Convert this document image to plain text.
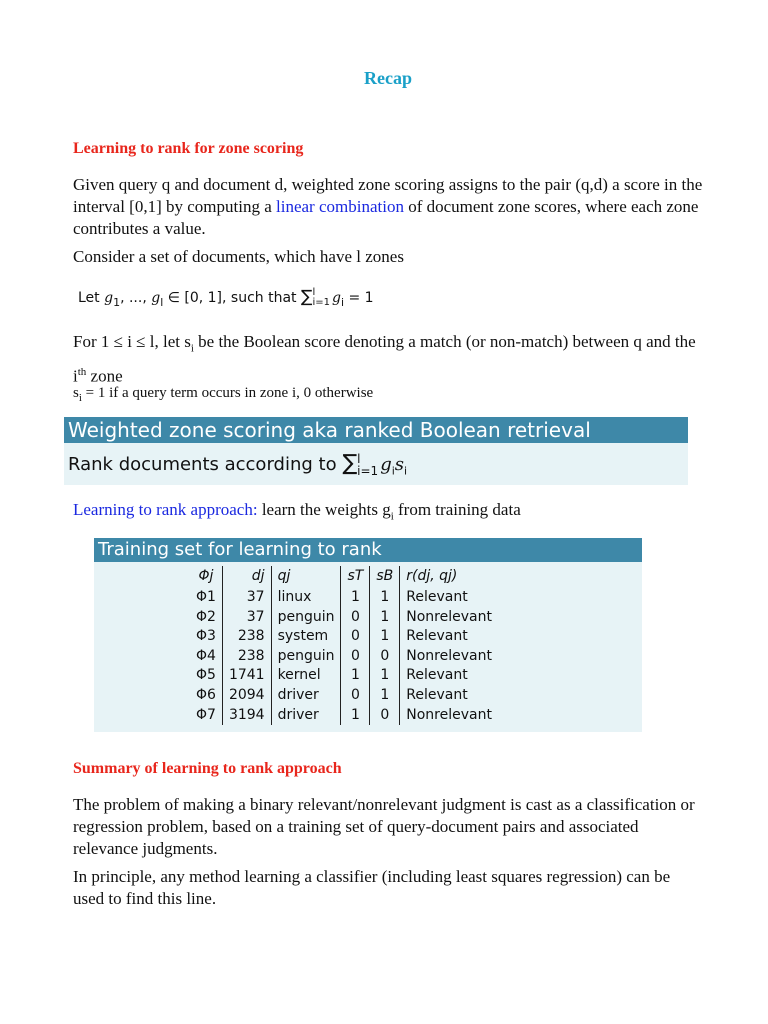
Recap
Learning to rank for zone scoring
Given query q and document d, weighted zone scoring assigns to the pair (q,d) a score in the interval [0,1] by computing a linear combination of document zone scores, where each zone contributes a value.
Consider a set of documents, which have l zones
Let $g_1$, ..., $g_l$ ∈ [0, 1], such that ∑ l
i=1 $g_i = 1$
For 1 ≤ i ≤ l, let $s_i$ be the Boolean score denoting a match (or non-match) between q and the $i^{th}$ zone
$s_i = 1$ if a query term occurs in zone i, 0 otherwise
Weighted zone scoring aka ranked Boolean retrieval
Rank documents according to ∑ l
i=1 $g_is_i$
Learning to rank approach: learn the weights $g_i$ from training data
Training set for learning to rank
Φj	dj	qj	sT	sB	r(dj, qj)
Φ1	37	linux	1	1	Relevant
Φ2	37	penguin	0	1	Nonrelevant
Φ3	238	system	0	1	Relevant
Φ4	238	penguin	0	0	Nonrelevant
Φ5	1741	kernel	1	1	Relevant
Φ6	2094	driver	0	1	Relevant
Φ7	3194	driver	1	0	Nonrelevant
Summary of learning to rank approach
The problem of making a binary relevant/nonrelevant judgment is cast as a classification or regression problem, based on a training set of query-document pairs and associated relevance judgments.
In principle, any method learning a classifier (including least squares regression) can be used to find this line.
